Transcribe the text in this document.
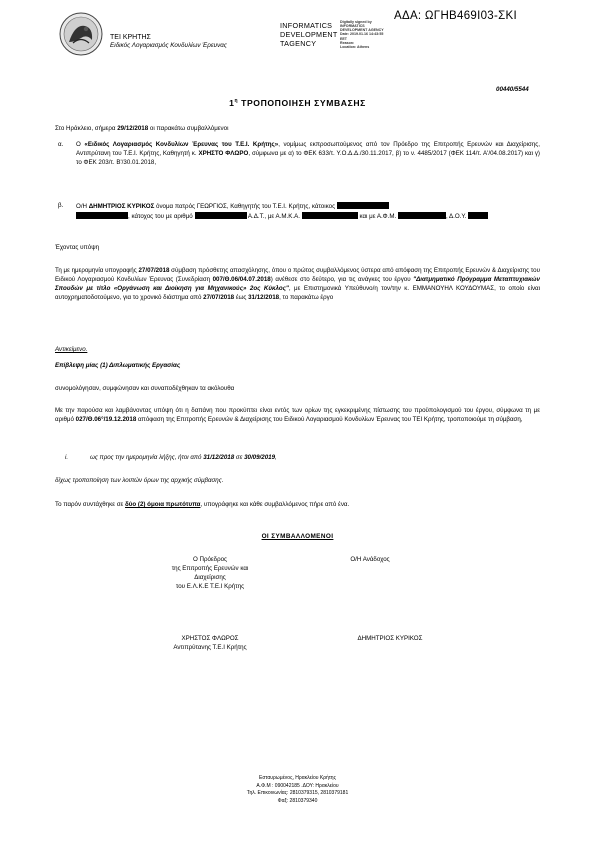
ΤΕΙ ΚΡΗΤΗΣ
Ειδικός Λογαριασμός Κονδυλίων Έρευνας
INFORMATICS
DEVELOPMENT
TAGENCY
Digitally signed by
INFORMATICS
DEVELOPMENT AGENCY
Date: 2019.01.16 14:43:55
EET
Reason:
Location: Athens
ΑΔΑ: ΩΓΗΒ469Ι03-ΣΚΙ
00440/5544
$1^\eta$ ΤΡΟΠΟΠΟΙΗΣΗ ΣΥΜΒΑΣΗΣ
Στο Ηράκλειο, σήμερα 29/12/2018 οι παρακάτω συμβαλλόμενοι
α. Ο «Ειδικός Λογαριασμός Κονδυλίων Έρευνας του Τ.Ε.Ι. Κρήτης», νομίμως εκπροσωπούμενος από τον Πρόεδρο της Επιτροπής Ερευνών και Διαχείρισης, Αντιπρύτανη του Τ.Ε.Ι. Κρήτης, Καθηγητή κ. ΧΡΗΣΤΟ ΦΛΩΡΟ, σύμφωνα με α) το ΦΕΚ 633/τ. Υ.Ο.Δ.Δ./30.11.2017, β) το ν. 4485/2017 (ΦΕΚ 114/τ. Α'/04.08.2017) και γ) το ΦΕΚ 203/τ. Β'/30.01.2018,
β. Ο/Η ΔΗΜΗΤΡΙΟΣ ΚΥΡΙΚΟΣ όνομα πατρός ΓΕΩΡΓΙΟΣ, Καθηγητής του Τ.Ε.Ι. Κρήτης, κάτοικος
, κάτοχος του με αριθμό	Α.Δ.Τ., με Α.Μ.Κ.Α.	και με Α.Φ.Μ.	, Δ.Ο.Υ.
Έχοντας υπόψη
Τη με ημερομηνία υπογραφής 27/07/2018 σύμβαση πρόσθετης απασχόλησης, όπου ο πρώτος συμβαλλόμενος ύστερα από απόφαση της Επιτροπής Ερευνών & Διαχείρισης του Ειδικού Λογαριασμού Κονδυλίων Έρευνας (Συνεδρίαση 007/Θ.06/04.07.2018) ανέθεσε στο δεύτερο, για τις ανάγκες του έργου "Διατμηματικό Πρόγραμμα Μεταπτυχιακών Σπουδών με τίτλο «Οργάνωση και Διοίκηση για Μηχανικούς» 2ος Κύκλος", με Επιστημονικά Υπεύθυνο/η τον/την κ. ΕΜΜΑΝΟΥΗΛ ΚΟΥΔΟΥΜΑΣ, το οποίο είναι αυτοχρηματοδοτούμενο, για το χρονικό διάστημα από 27/07/2018 έως 31/12/2018, το παρακάτω έργο
Αντικείμενο.
Επίβλεψη μίας (1) Διπλωματικής Εργασίας
συνομολόγησαν, συμφώνησαν και συναποδέχθηκαν τα ακόλουθα
Με την παρούσα και λαμβάνοντας υπόψη ότι η δαπάνη που προκύπτει είναι εντός των ορίων της εγκεκριμένης πίστωσης του προϋπολογισμού του έργου, σύμφωνα τη με αριθμό 027/Θ.06°/19.12.2018 απόφαση της Επιτροπής Ερευνών & Διαχείρισης του Ειδικού Λογαριασμού Κονδυλίων Έρευνας του ΤΕΙ Κρήτης, τροποποιούμε τη σύμβαση,
i.	ως προς την ημερομηνία λήξης, ήτοι από 31/12/2018 σε 30/09/2019,
δίχως τροποποίηση των λοιπών όρων της αρχικής σύμβασης.
Το παρόν συντάχθηκε σε δύο (2) όμοια πρωτότυπα, υπογράφηκε και κάθε συμβαλλόμενος πήρε από ένα.
ΟΙ ΣΥΜΒΑΛΛΟΜΕΝΟΙ
Ο Πρόεδρος
της Επιτροπής Ερευνών και
Διαχείρισης
του Ε.Λ.Κ.Ε Τ.Ε.Ι Κρήτης
Ο/Η Ανάδοχος
ΧΡΗΣΤΟΣ ΦΛΩΡΟΣ
Αντιπρύτανης Τ.Ε.Ι Κρήτης
ΔΗΜΗΤΡΙΟΣ ΚΥΡΙΚΟΣ
Εσταυρωμένος, Ηρακλείου Κρήτης
Α.Φ.Μ : 090042185 .ΔΟΥ: Ηρακλείου
Τηλ. Επικοινωνίας: 2810379315, 2810379181
Φαξ: 2810379340
